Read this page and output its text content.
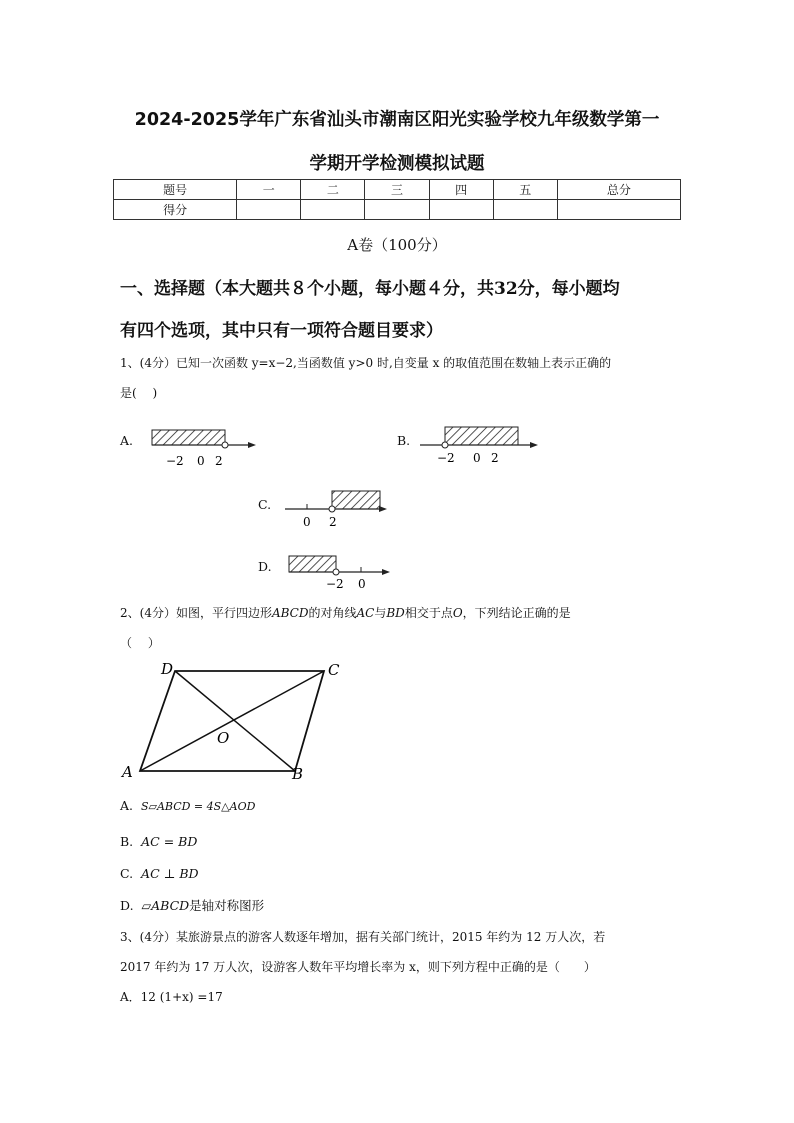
2024-2025学年广东省汕头市潮南区阳光实验学校九年级数学第一
学期开学检测模拟试题
题号	一	二	三	四	五	总分
得分						
A卷（100分）
一、选择题（本大题共８个小题，每小题４分，共32分，每小题均
有四个选项，其中只有一项符合题目要求）
1、(4分）已知一次函数 y=x−2,当函数值 y>0 时,自变量 x 的取值范围在数轴上表示正确的
是(　 )
A.
−2 0 2
B.
−2 0 2
C.
0 2
D.
−2 0
2、(4分）如图，平行四边形ABCD的对角线AC与BD相交于点O，下列结论正确的是
（　 ）
A	B
C
D
O
A. S▱ABCD = 4S△AOD
B. AC = BD
C. AC ⊥ BD
D. ▱ABCD是轴对称图形
3、(4分）某旅游景点的游客人数逐年增加，据有关部门统计，2015 年约为 12 万人次，若
2017 年约为 17 万人次，设游客人数年平均增长率为 x，则下列方程中正确的是（　　）
A．12 (1+x) =17
